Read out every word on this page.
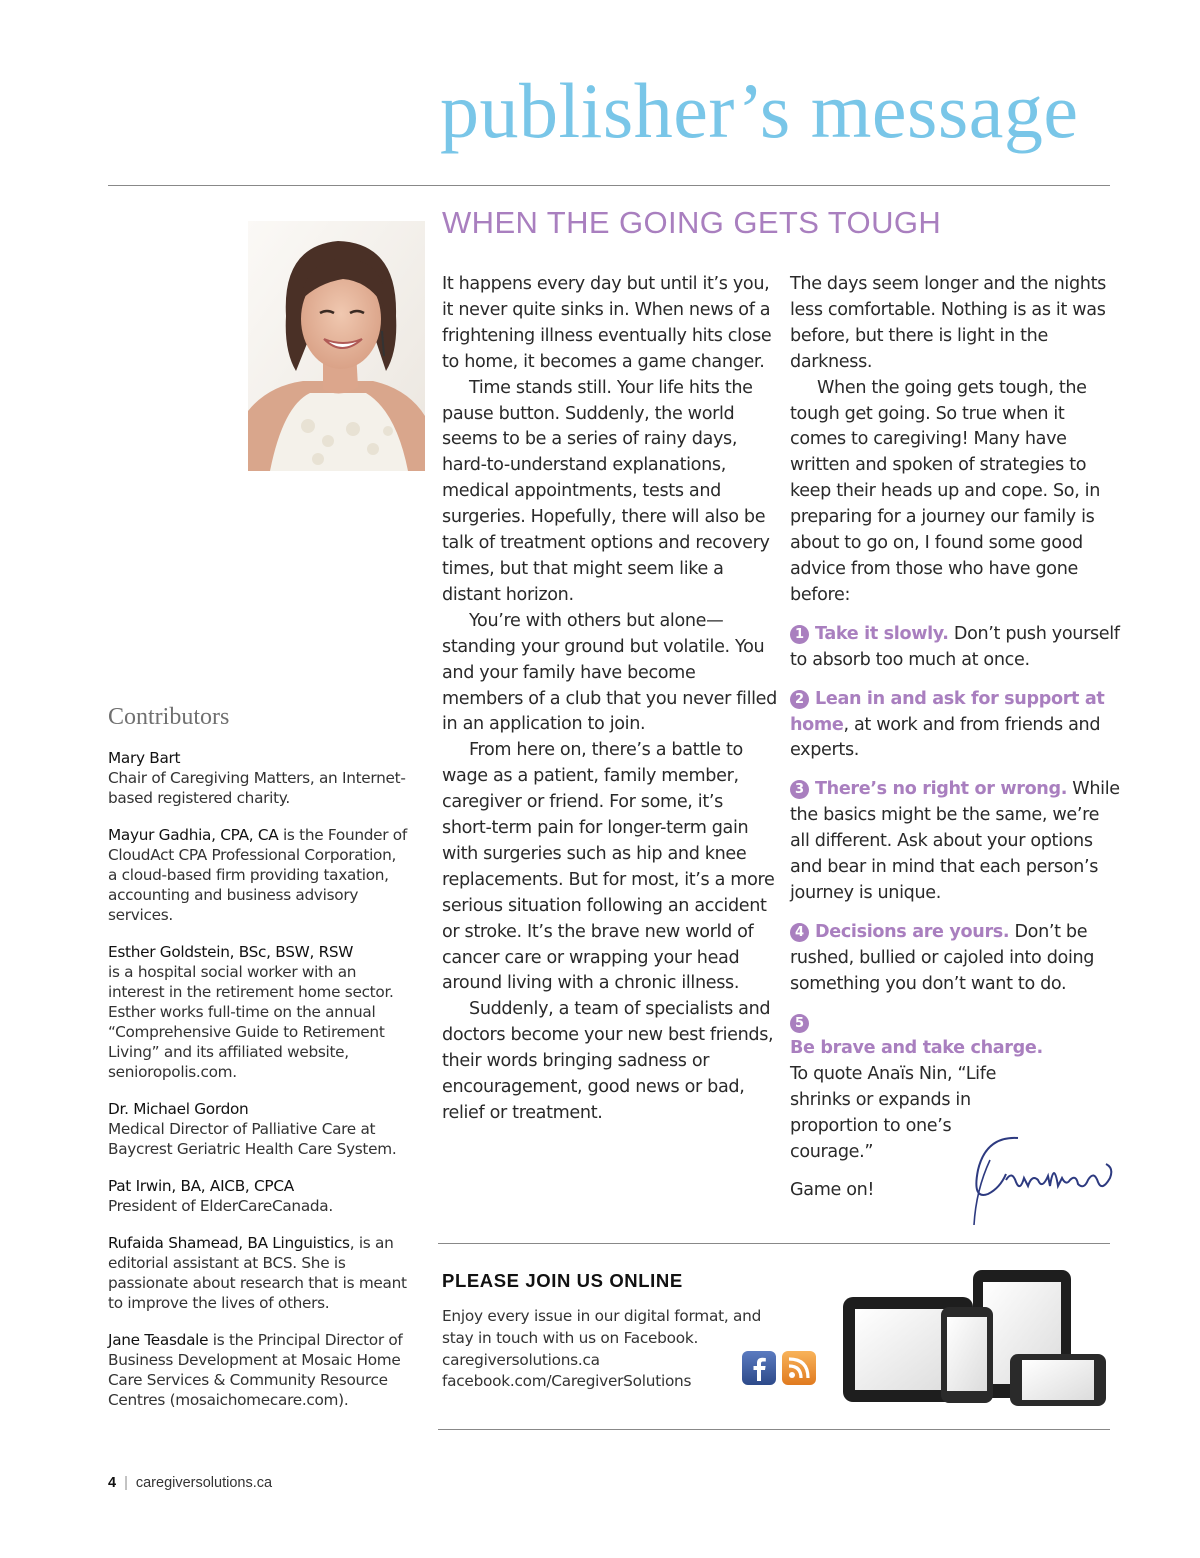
publisher’s message
WHEN THE GOING GETS TOUGH

It happens every day but until it’s you, it never quite sinks in. When news of a frightening illness eventually hits close to home, it becomes a game changer.

Time stands still. Your life hits the pause button. Suddenly, the world seems to be a series of rainy days, hard-to-understand explanations, medical appointments, tests and surgeries. Hopefully, there will also be talk of treatment options and recovery times, but that might seem like a distant horizon.

You’re with others but alone—standing your ground but volatile. You and your family have become members of a club that you never filled in an application to join.

From here on, there’s a battle to wage as a patient, family member, caregiver or friend. For some, it’s short-term pain for longer-term gain with surgeries such as hip and knee replacements. But for most, it’s a more serious situation following an accident or stroke. It’s the brave new world of cancer care or wrapping your head around living with a chronic illness.

Suddenly, a team of specialists and doctors become your new best friends, their words bringing sadness or encouragement, good news or bad, relief or treatment.

The days seem longer and the nights less comfortable. Nothing is as it was before, but there is light in the darkness.

When the going gets tough, the tough get going. So true when it comes to caregiving! Many have written and spoken of strategies to keep their heads up and cope. So, in preparing for a journey our family is about to go on, I found some good advice from those who have gone before:

1 Take it slowly. Don’t push yourself to absorb too much at once.

2 Lean in and ask for support at home, at work and from friends and experts.

3 There’s no right or wrong. While the basics might be the same, we’re all different. Ask about your options and bear in mind that each person’s journey is unique.

4 Decisions are yours. Don’t be rushed, bullied or cajoled into doing something you don’t want to do.

5Be brave and take charge. To quote Anaïs Nin, “Life shrinks or expands in proportion to one’s courage.”

Game on!

Contributors
Mary Bart
Chair of Caregiving Matters, an Internet-based registered charity.
Mayur Gadhia, CPA, CA is the Founder of CloudAct CPA Professional Corporation, a cloud-based firm providing taxation, accounting and business advisory services.
Esther Goldstein, BSc, BSW, RSW
is a hospital social worker with an interest in the retirement home sector. Esther works full-time on the annual “Comprehensive Guide to Retirement Living” and its affiliated website, senioropolis.com.
Dr. Michael Gordon
Medical Director of Palliative Care at Baycrest Geriatric Health Care System.
Pat Irwin, BA, AICB, CPCA
President of ElderCareCanada.
Rufaida Shamead, BA Linguistics, is an editorial assistant at BCS. She is passionate about research that is meant to improve the lives of others.
Jane Teasdale is the Principal Director of Business Development at Mosaic Home Care Services & Community Resource Centres (mosaichomecare.com).
PLEASE JOIN US ONLINE
Enjoy every issue in our digital format, and
stay in touch with us on Facebook.
caregiversolutions.ca
facebook.com/CaregiverSolutions
4 | caregiversolutions.ca
